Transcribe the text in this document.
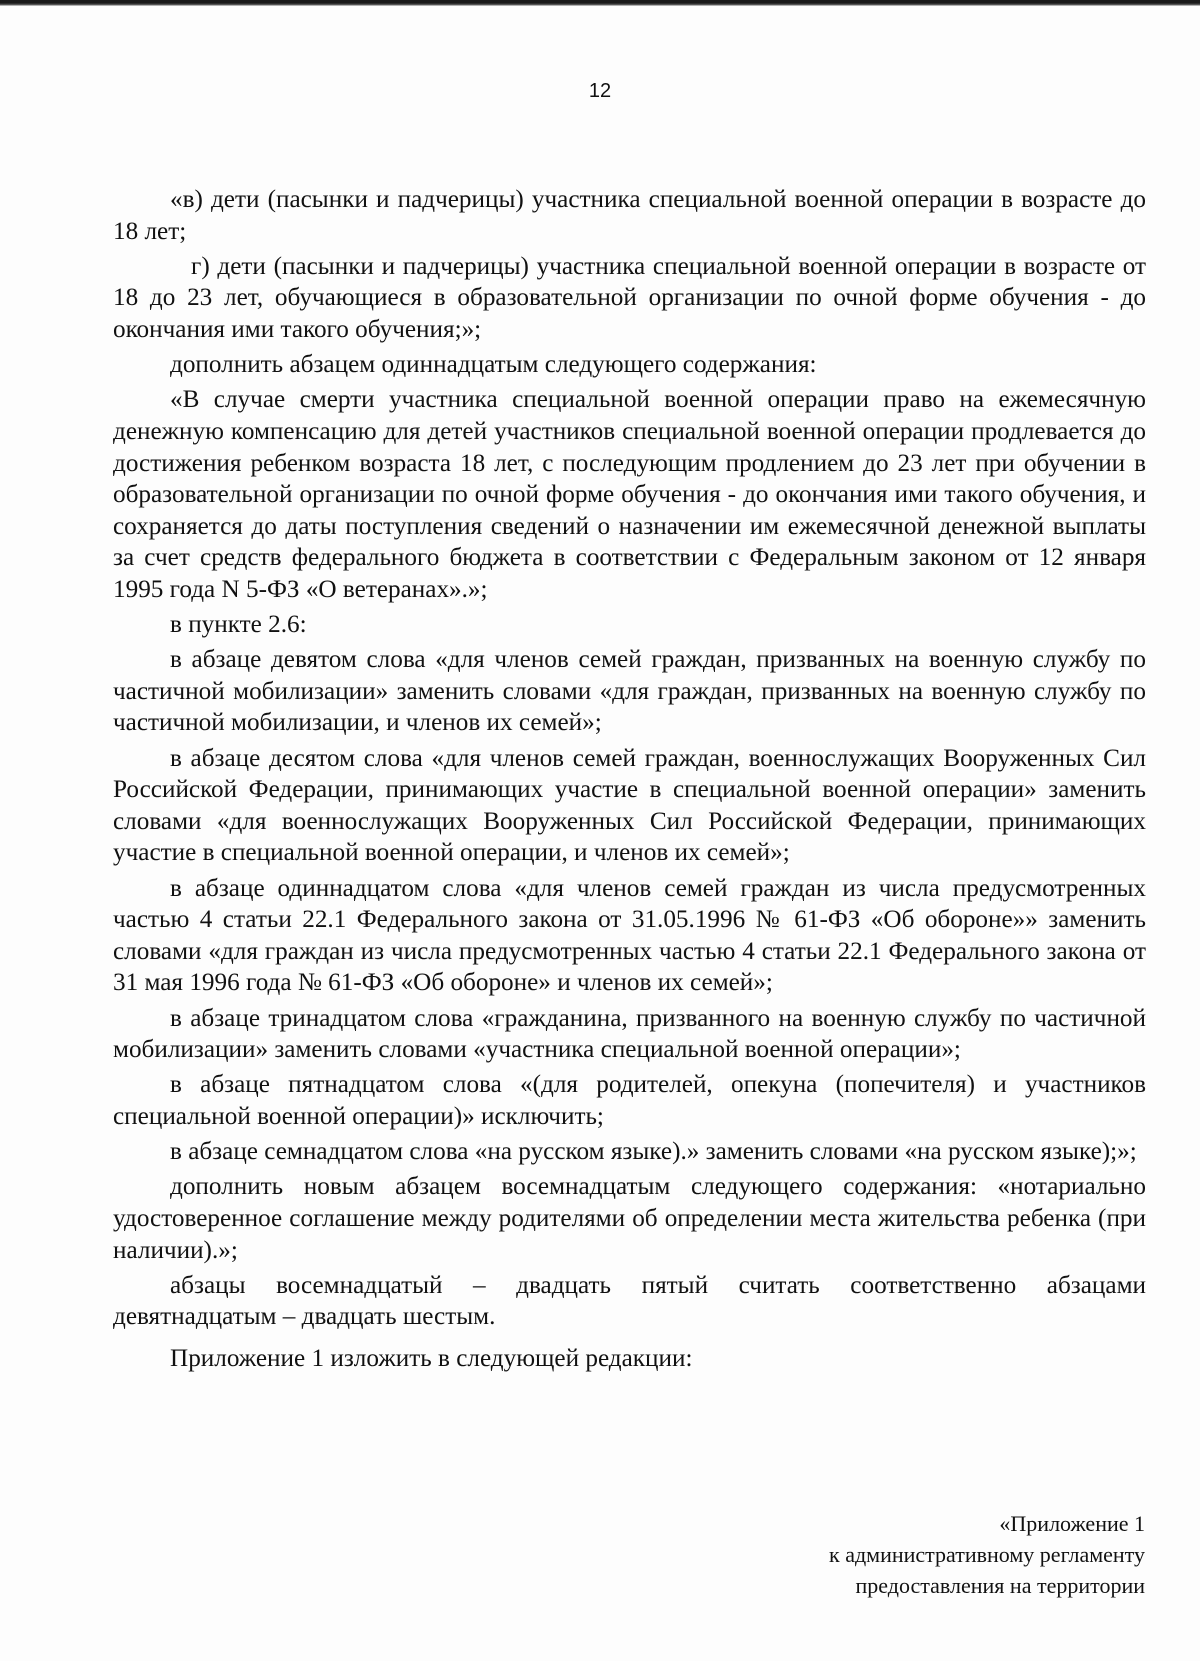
12

«в) дети (пасынки и падчерицы) участника специальной военной операции в возрасте до 18 лет;

г) дети (пасынки и падчерицы) участника специальной военной операции в возрасте от 18 до 23 лет, обучающиеся в образовательной организации по очной форме обучения - до окончания ими такого обучения;»;

дополнить абзацем одиннадцатым следующего содержания:

«В случае смерти участника специальной военной операции право на ежемесячную денежную компенсацию для детей участников специальной военной операции продлевается до достижения ребенком возраста 18 лет, с последующим продлением до 23 лет при обучении в образовательной организации по очной форме обучения - до окончания ими такого обучения, и сохраняется до даты поступления сведений о назначении им ежемесячной денежной выплаты за счет средств федерального бюджета в соответствии с Федеральным законом от 12 января 1995 года N 5-ФЗ «О ветеранах».»;

в пункте 2.6:

в абзаце девятом слова «для членов семей граждан, призванных на военную службу по частичной мобилизации» заменить словами «для граждан, призванных на военную службу по частичной мобилизации, и членов их семей»;

в абзаце десятом слова «для членов семей граждан, военнослужащих Вооруженных Сил Российской Федерации, принимающих участие в специальной военной операции» заменить словами «для военнослужащих Вооруженных Сил Российской Федерации, принимающих участие в специальной военной операции, и членов их семей»;

в абзаце одиннадцатом слова «для членов семей граждан из числа предусмотренных частью 4 статьи 22.1 Федерального закона от 31.05.1996 № 61-ФЗ «Об обороне»» заменить словами «для граждан из числа предусмотренных частью 4 статьи 22.1 Федерального закона от 31 мая 1996 года № 61-ФЗ «Об обороне» и членов их семей»;

в абзаце тринадцатом слова «гражданина, призванного на военную службу по частичной мобилизации» заменить словами «участника специальной военной операции»;

в абзаце пятнадцатом слова «(для родителей, опекуна (попечителя) и участников специальной военной операции)» исключить;

в абзаце семнадцатом слова «на русском языке).» заменить словами «на русском языке);»;

дополнить новым абзацем восемнадцатым следующего содержания: «нотариально удостоверенное соглашение между родителями об определении места жительства ребенка (при наличии).»;

абзацы восемнадцатый – двадцать пятый считать соответственно абзацами девятнадцатым – двадцать шестым.

Приложение 1 изложить в следующей редакции:

«Приложение 1
к административному регламенту
предоставления на территории
